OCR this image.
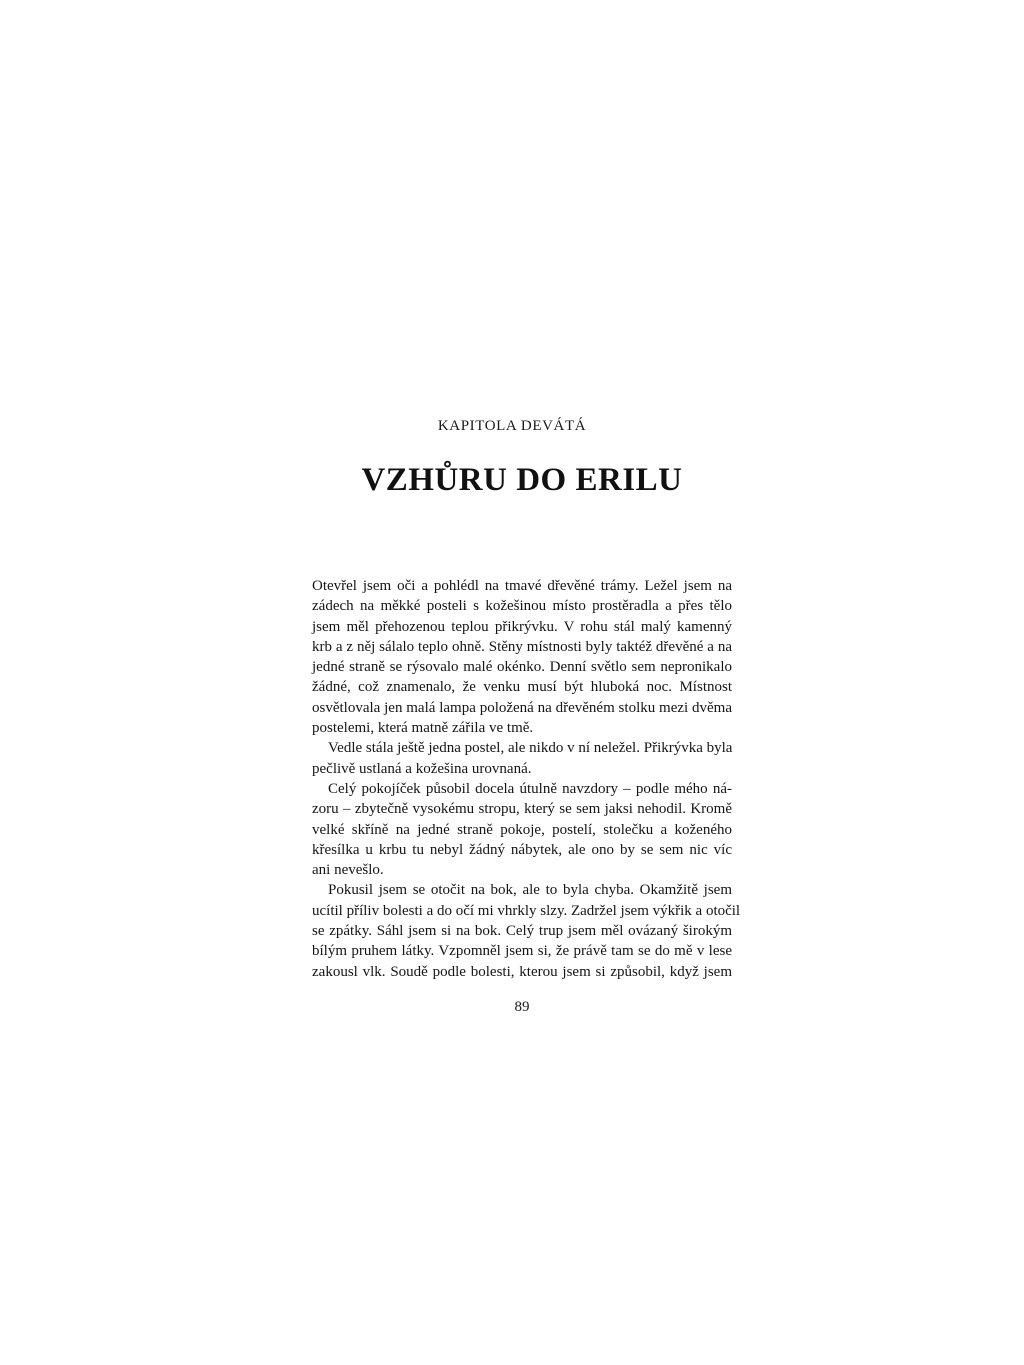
KAPITOLA DEVÁTÁ
VZHŮRU DO ERILU
Otevřel jsem oči a pohlédl na tmavé dřevěné trámy. Ležel jsem na
zádech na měkké posteli s kožešinou místo prostěradla a přes tělo
jsem měl přehozenou teplou přikrývku. V rohu stál malý kamenný
krb a z něj sálalo teplo ohně. Stěny místnosti byly taktéž dřevěné a na
jedné straně se rýsovalo malé okénko. Denní světlo sem nepronikalo
žádné, což znamenalo, že venku musí být hluboká noc. Místnost
osvětlovala jen malá lampa položená na dřevěném stolku mezi dvěma
postelemi, která matně zářila ve tmě.
Vedle stála ještě jedna postel, ale nikdo v ní neležel. Přikrývka byla
pečlivě ustlaná a kožešina urovnaná.
Celý pokojíček působil docela útulně navzdory – podle mého ná-
zoru – zbytečně vysokému stropu, který se sem jaksi nehodil. Kromě
velké skříně na jedné straně pokoje, postelí, stolečku a koženého
křesílka u krbu tu nebyl žádný nábytek, ale ono by se sem nic víc
ani nevešlo.
Pokusil jsem se otočit na bok, ale to byla chyba. Okamžitě jsem
ucítil příliv bolesti a do očí mi vhrkly slzy. Zadržel jsem výkřik a otočil
se zpátky. Sáhl jsem si na bok. Celý trup jsem měl ovázaný širokým
bílým pruhem látky. Vzpomněl jsem si, že právě tam se do mě v lese
zakousl vlk. Soudě podle bolesti, kterou jsem si způsobil, když jsem
89
